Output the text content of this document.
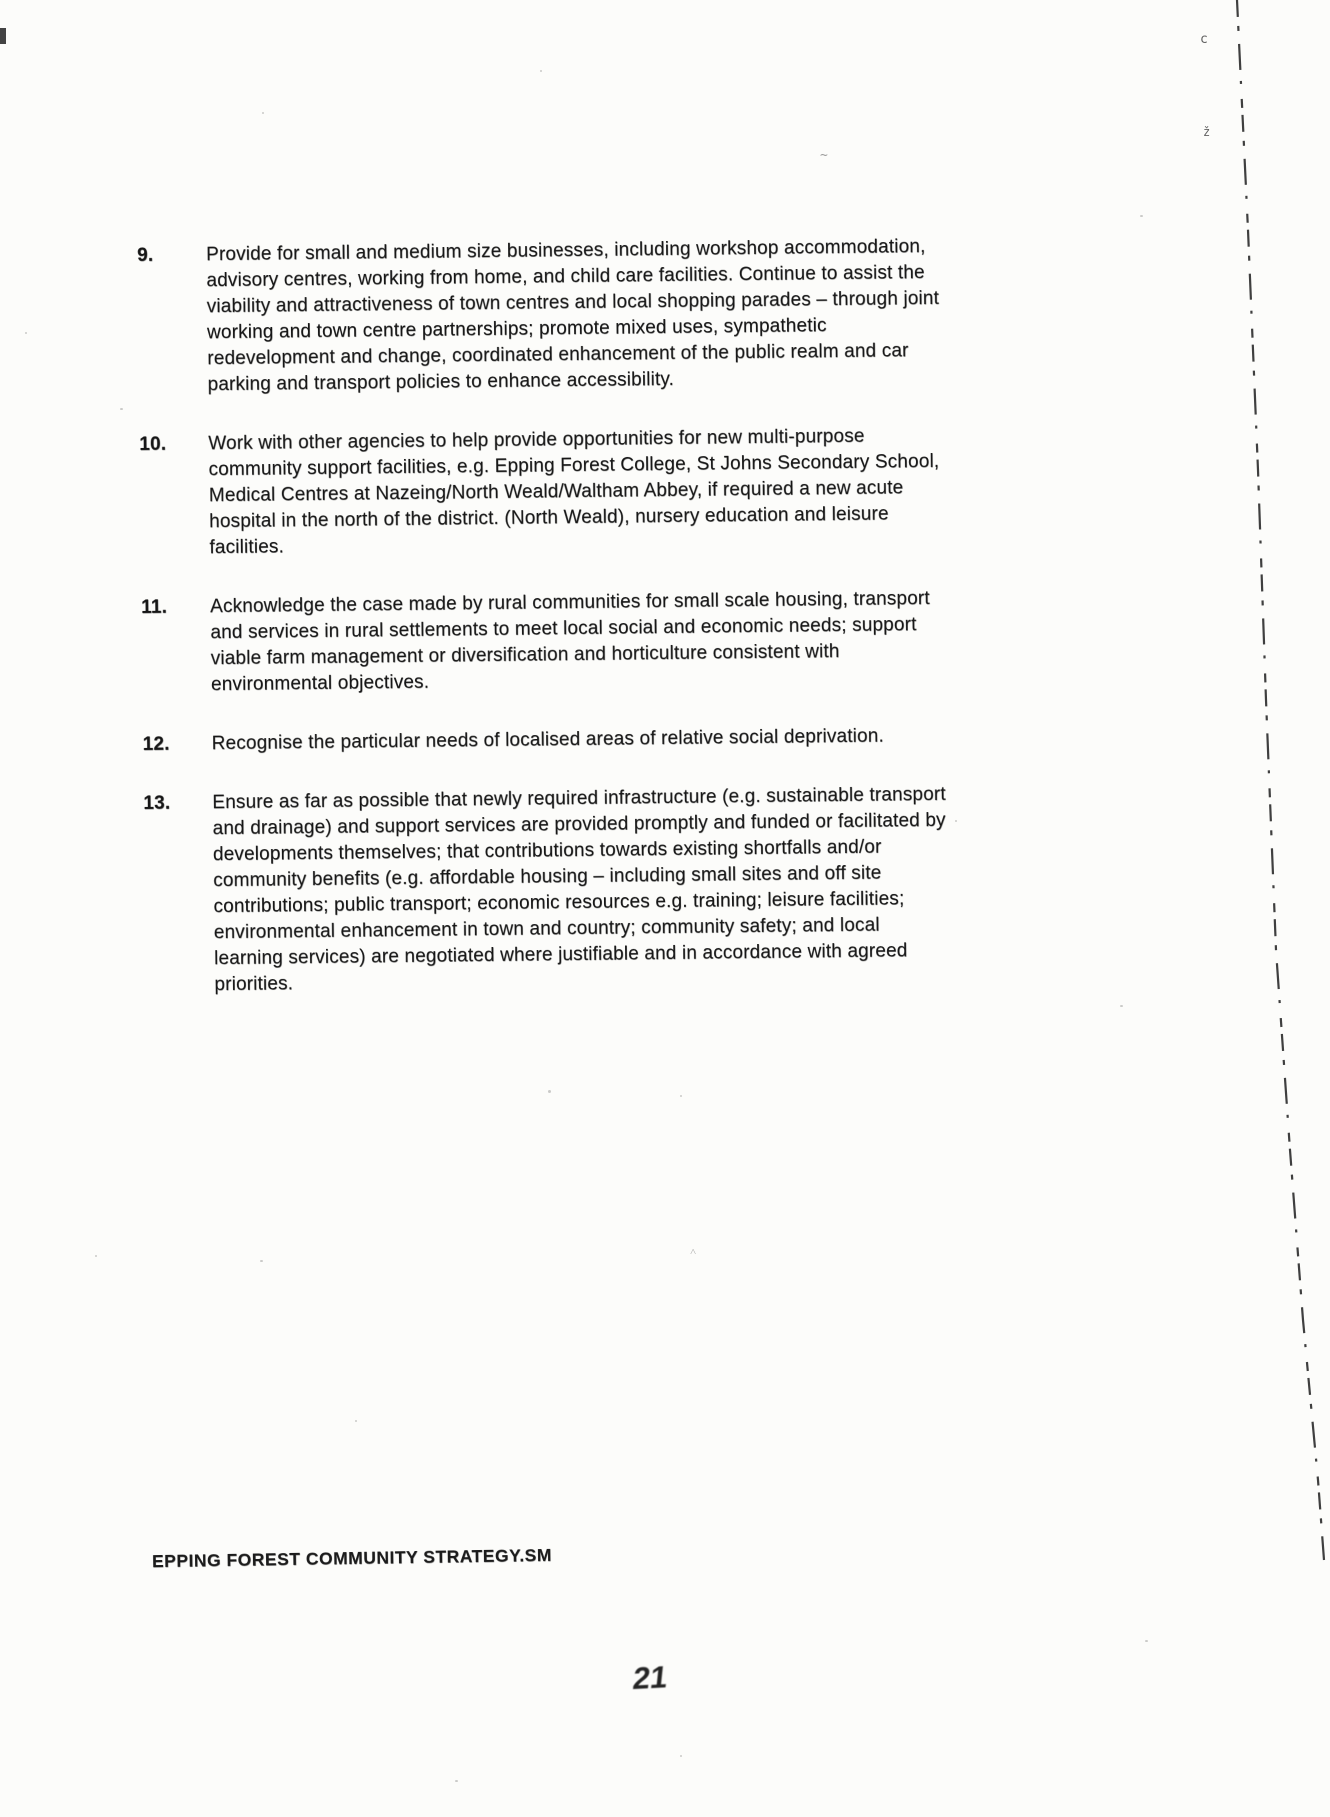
9.	Provide for small and medium size businesses, including workshop accommodation,
advisory centres, working from home, and child care facilities. Continue to assist the
viability and attractiveness of town centres and local shopping parades – through joint
working and town centre partnerships; promote mixed uses, sympathetic
redevelopment and change, coordinated enhancement of the public realm and car
parking and transport policies to enhance accessibility.
10.	Work with other agencies to help provide opportunities for new multi-purpose
community support facilities, e.g. Epping Forest College, St Johns Secondary School,
Medical Centres at Nazeing/North Weald/Waltham Abbey, if required a new acute
hospital in the north of the district. (North Weald), nursery education and leisure
facilities.
11.	Acknowledge the case made by rural communities for small scale housing, transport
and services in rural settlements to meet local social and economic needs; support
viable farm management or diversification and horticulture consistent with
environmental objectives.
12.	Recognise the particular needs of localised areas of relative social deprivation.
13.	Ensure as far as possible that newly required infrastructure (e.g. sustainable transport
and drainage) and support services are provided promptly and funded or facilitated by
developments themselves; that contributions towards existing shortfalls and/or
community benefits (e.g. affordable housing – including small sites and off site
contributions; public transport; economic resources e.g. training; leisure facilities;
environmental enhancement in town and country; community safety; and local
learning services) are negotiated where justifiable and in accordance with agreed
priorities.
EPPING FOREST COMMUNITY STRATEGY.SM
21
c
ž
~
˄
